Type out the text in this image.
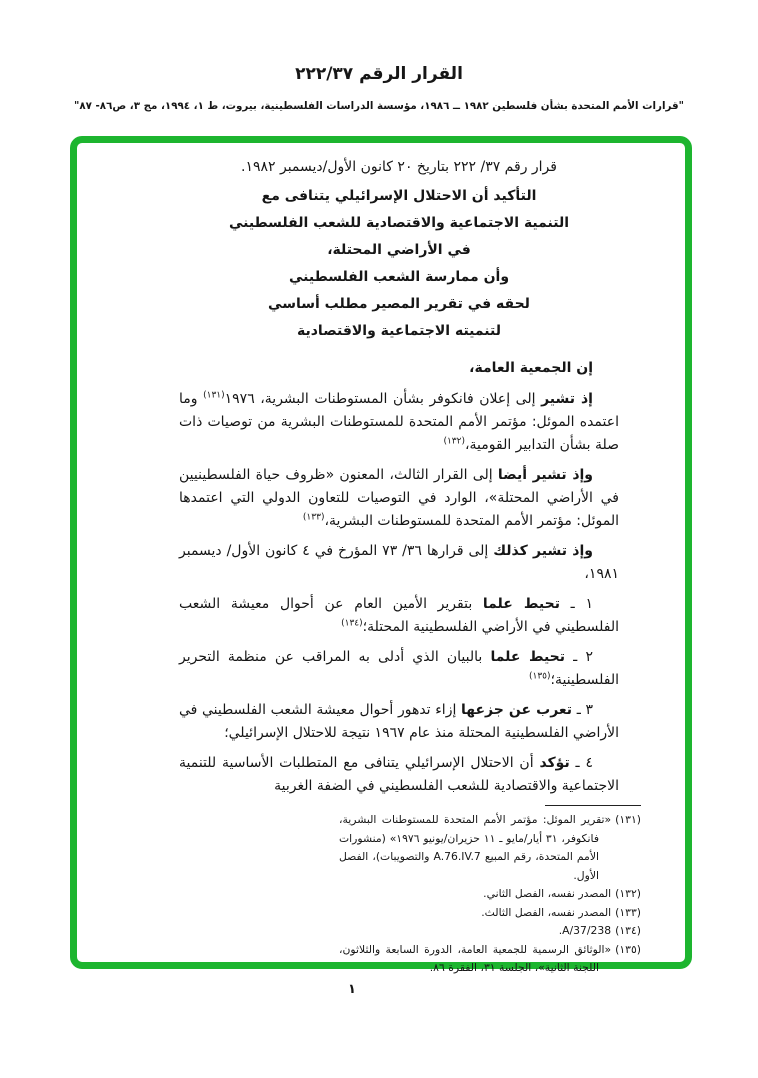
القرار الرقم ٢٢٢/٣٧
"قرارات الأمم المتحدة بشأن فلسطين ١٩٨٢ ــ ١٩٨٦، مؤسسة الدراسات الفلسطينية، بيروت، ط ١، ١٩٩٤، مج ٣، ص٨٦- ٨٧"
قرار رقم ٣٧/ ٢٢٢ بتاريخ ٢٠ كانون الأول/ديسمبر ١٩٨٢.
التأكيد أن الاحتلال الإسرائيلي يتنافى مع
التنمية الاجتماعية والاقتصادية للشعب الفلسطيني
في الأراضي المحتلة،
وأن ممارسة الشعب الفلسطيني
لحقه في تقرير المصير مطلب أساسي
لتنميته الاجتماعية والاقتصادية
إن الجمعية العامة،

إذ تشير إلى إعلان فانكوفر بشأن المستوطنات البشرية، ١٩٧٦$^{(١٣١)}$ وما اعتمده الموئل: مؤتمر الأمم المتحدة للمستوطنات البشرية من توصيات ذات صلة بشأن التدابير القومية،$^{(١٣٢)}$

وإذ تشير أيضا إلى القرار الثالث، المعنون «ظروف حياة الفلسطينيين في الأراضي المحتلة»، الوارد في التوصيات للتعاون الدولي التي اعتمدها الموئل: مؤتمر الأمم المتحدة للمستوطنات البشرية،$^{(١٣٣)}$

وإذ تشير كذلك إلى قرارها ٣٦/ ٧٣ المؤرخ في ٤ كانون الأول/ ديسمبر ١٩٨١،

١ ـ تحيط علما بتقرير الأمين العام عن أحوال معيشة الشعب الفلسطيني في الأراضي الفلسطينية المحتلة؛$^{(١٣٤)}$

٢ ـ تحيط علما بالبيان الذي أدلى به المراقب عن منظمة التحرير الفلسطينية؛$^{(١٣٥)}$

٣ ـ تعرب عن جزعها إزاء تدهور أحوال معيشة الشعب الفلسطيني في الأراضي الفلسطينية المحتلة منذ عام ١٩٦٧ نتيجة للاحتلال الإسرائيلي؛

٤ ـ تؤكد أن الاحتلال الإسرائيلي يتنافى مع المتطلبات الأساسية للتنمية الاجتماعية والاقتصادية للشعب الفلسطيني في الضفة الغربية

(١٣١)«تقرير الموئل: مؤتمر الأمم المتحدة للمستوطنات البشرية، فانكوفر، ٣١ أيار/مايو ـ ١١ حزيران/يونيو ١٩٧٦» (منشورات الأمم المتحدة، رقم المبيع A.76.IV.7 والتصويبات)، الفصل الأول.
(١٣٢)المصدر نفسه، الفصل الثاني.
(١٣٣)المصدر نفسه، الفصل الثالث.
(١٣٤)A/37/238.
(١٣٥)«الوثائق الرسمية للجمعية العامة، الدورة السابعة والثلاثون، اللجنة الثانية»، الجلسة ٣١، الفقرة ٨٦.
١
